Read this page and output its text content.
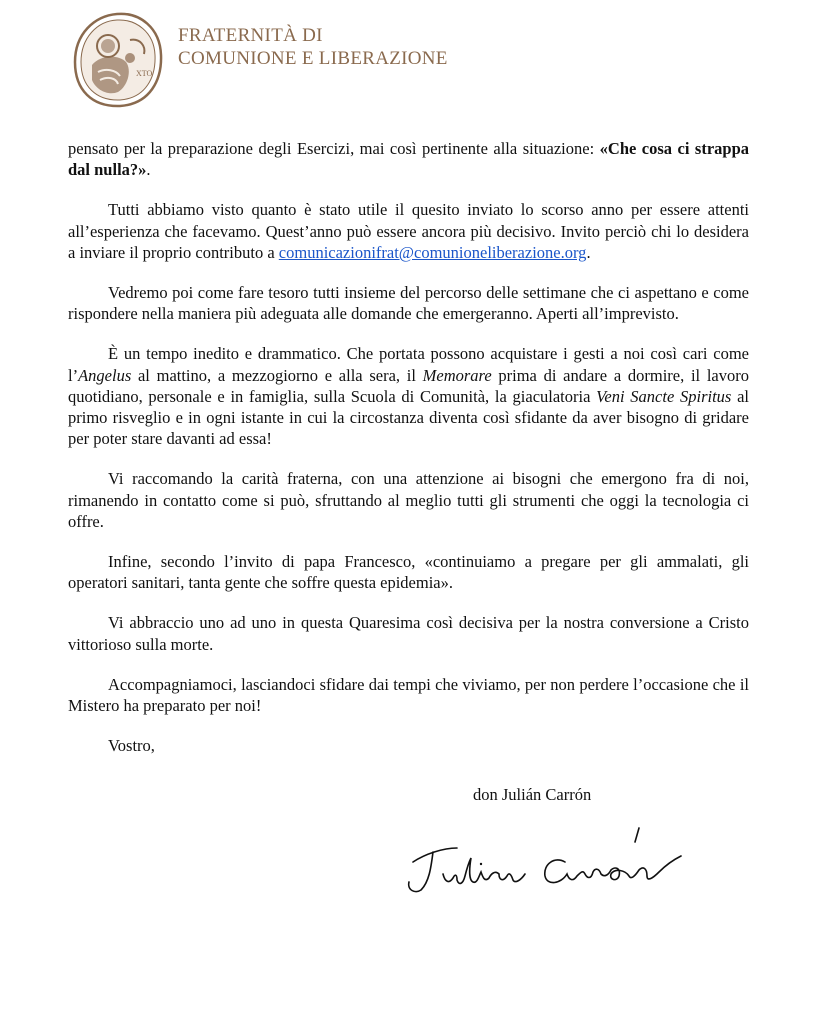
XTO
FRATERNITÀ DI
COMUNIONE E LIBERAZIONE

pensato per la preparazione degli Esercizi, mai così pertinente alla situazione: «Che cosa ci strappa dal nulla?».

Tutti abbiamo visto quanto è stato utile il quesito inviato lo scorso anno per essere attenti all’esperienza che facevamo. Quest’anno può essere ancora più decisivo. Invito perciò chi lo desidera a inviare il proprio contributo a comunicazionifrat@comunioneliberazione.org.

Vedremo poi come fare tesoro tutti insieme del percorso delle settimane che ci aspettano e come rispondere nella maniera più adeguata alle domande che emergeranno. Aperti all’imprevisto.

È un tempo inedito e drammatico. Che portata possono acquistare i gesti a noi così cari come l’Angelus al mattino, a mezzogiorno e alla sera, il Memorare prima di andare a dormire, il lavoro quotidiano, personale e in famiglia, sulla Scuola di Comunità, la giaculatoria Veni Sancte Spiritus al primo risveglio e in ogni istante in cui la circostanza diventa così sfidante da aver bisogno di gridare per poter stare davanti ad essa!

Vi raccomando la carità fraterna, con una attenzione ai bisogni che emergono fra di noi, rimanendo in contatto come si può, sfruttando al meglio tutti gli strumenti che oggi la tecnologia ci offre.

Infine, secondo l’invito di papa Francesco, «continuiamo a pregare per gli ammalati, gli operatori sanitari, tanta gente che soffre questa epidemia».

Vi abbraccio uno ad uno in questa Quaresima così decisiva per la nostra conversione a Cristo vittorioso sulla morte.

Accompagniamoci, lasciandoci sfidare dai tempi che viviamo, per non perdere l’occasione che il Mistero ha preparato per noi!

Vostro,

don Julián Carrón
